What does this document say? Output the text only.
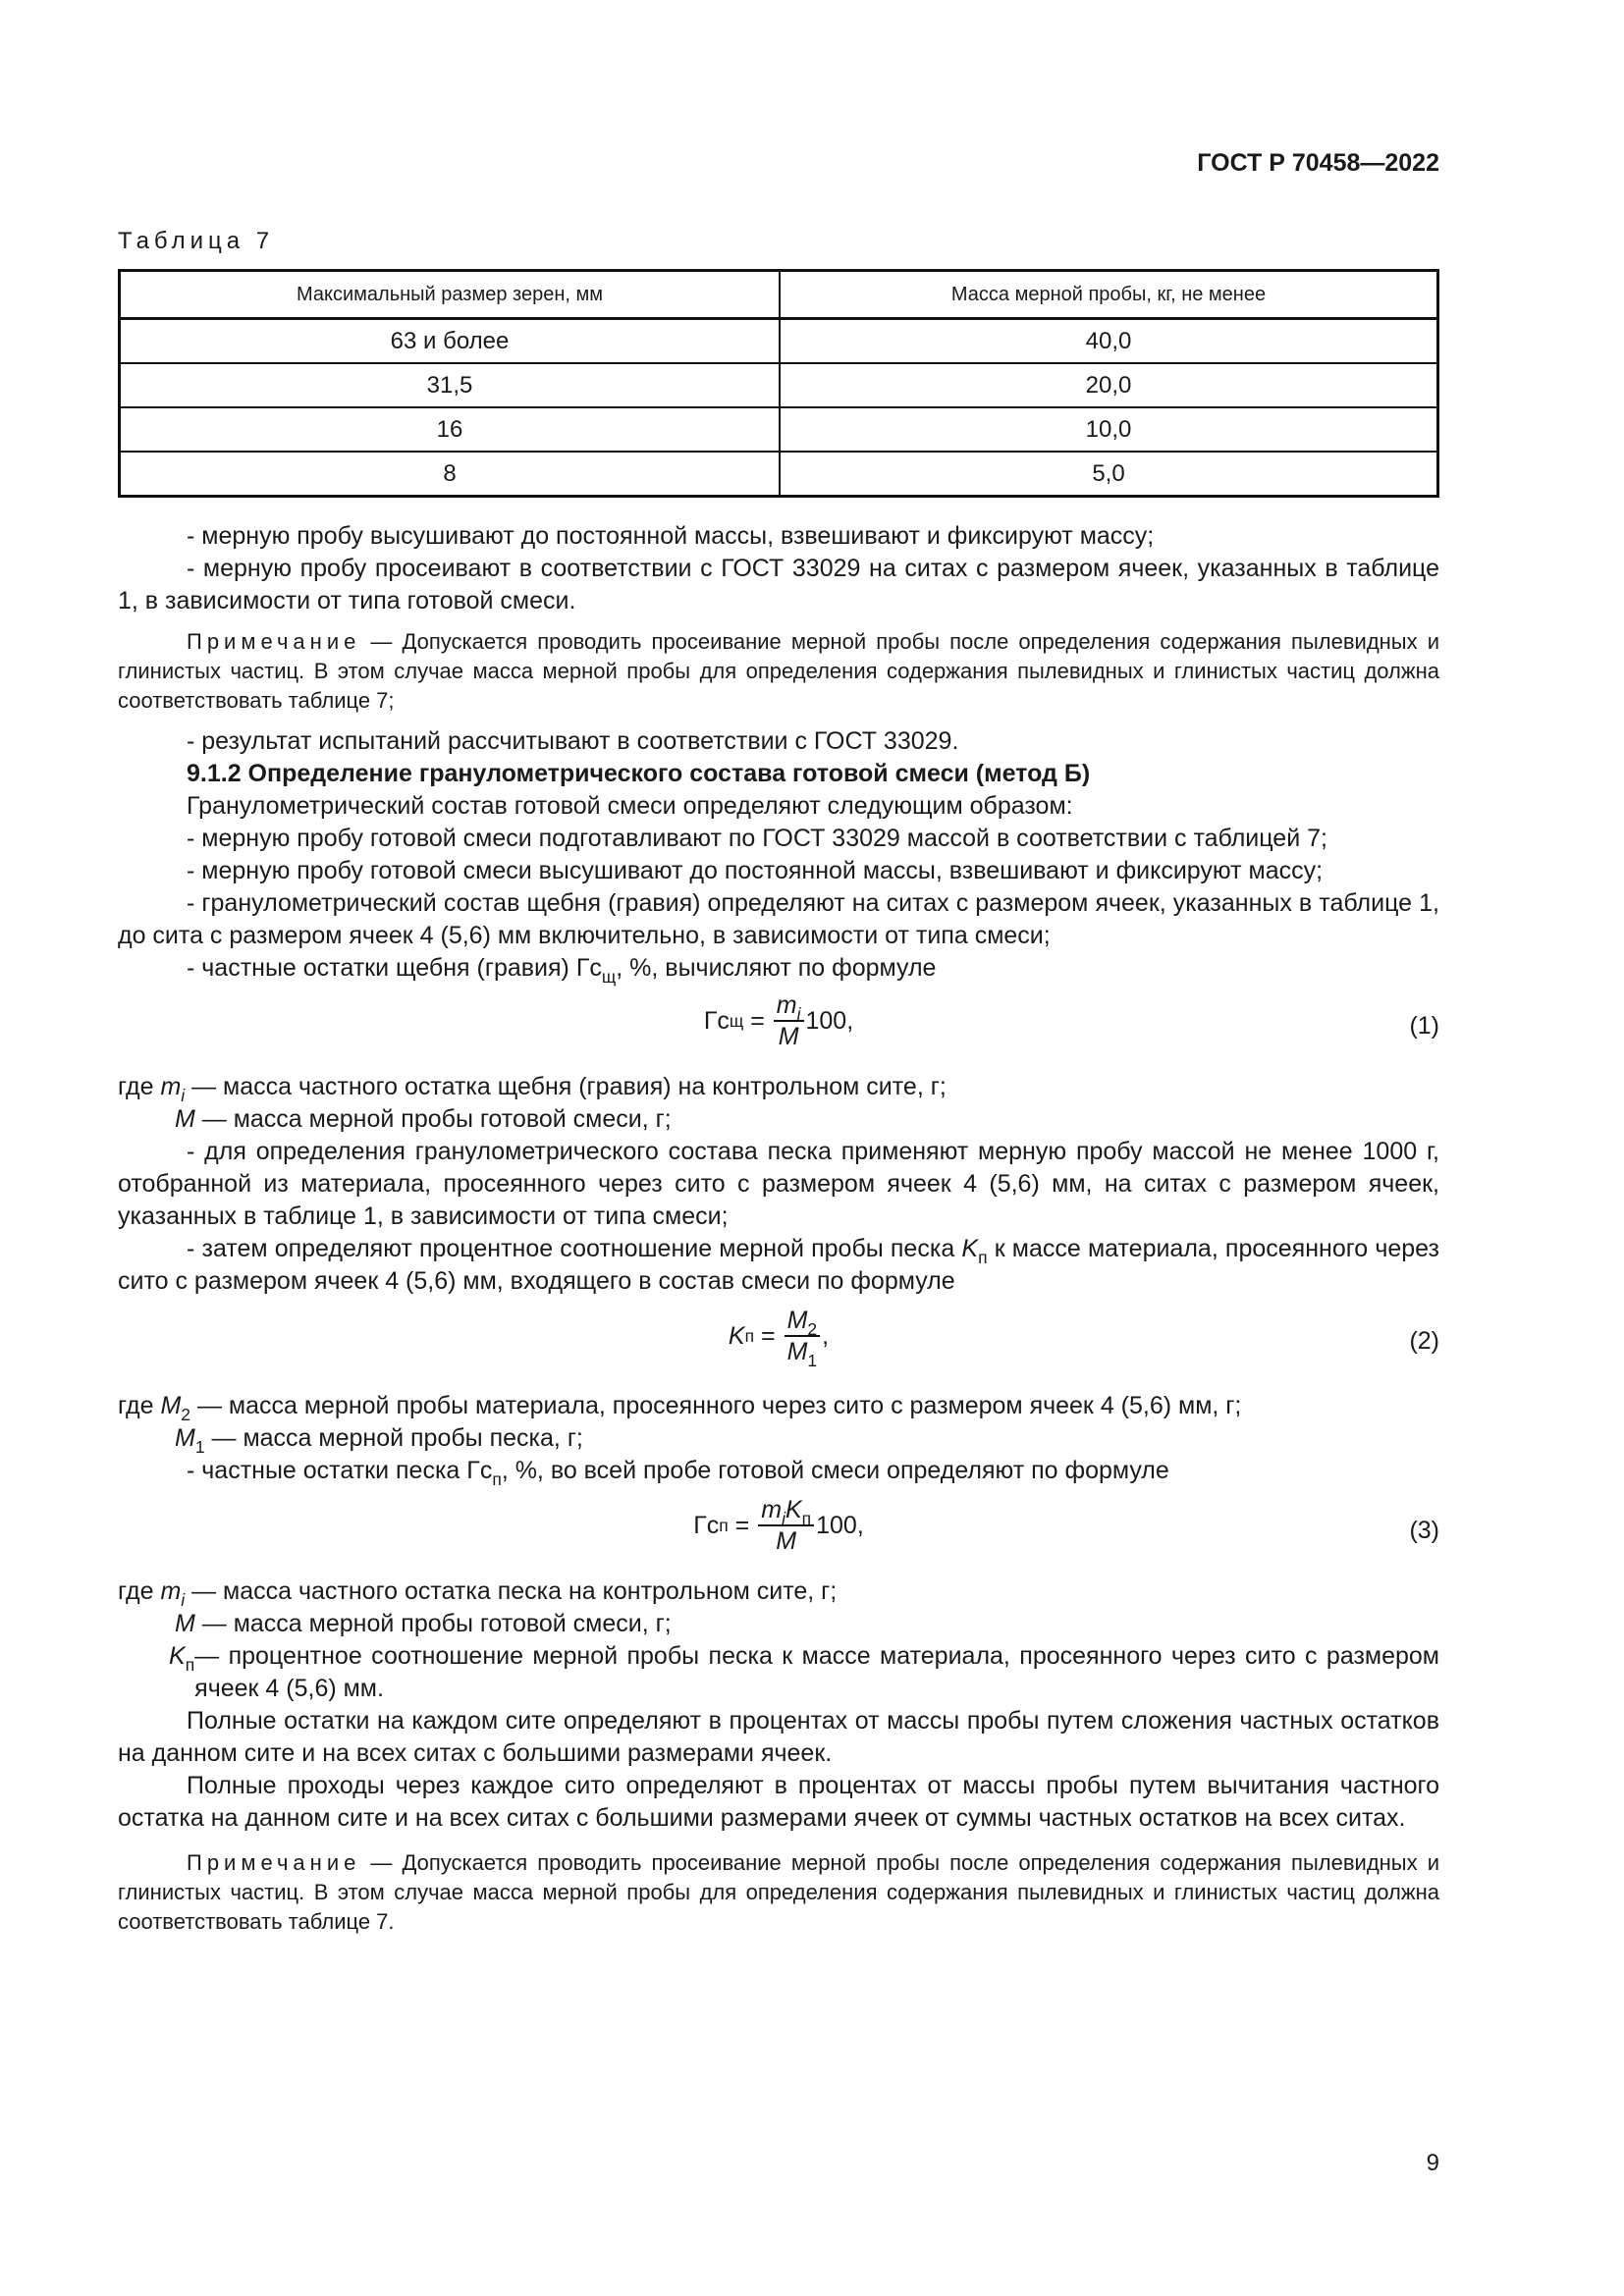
ГОСТ Р 70458—2022
Таблица 7
Максимальный размер зерен, мм	Масса мерной пробы, кг, не менее
63 и более	40,0
31,5	20,0
16	10,0
8	5,0

- мерную пробу высушивают до постоянной массы, взвешивают и фиксируют массу;

- мерную пробу просеивают в соответствии с ГОСТ 33029 на ситах с размером ячеек, указанных в таблице 1, в зависимости от типа готовой смеси.

Примечание — Допускается проводить просеивание мерной пробы после определения содержания пылевидных и глинистых частиц. В этом случае масса мерной пробы для определения содержания пылевидных и глинистых частиц должна соответствовать таблице 7;

- результат испытаний рассчитывают в соответствии с ГОСТ 33029.

9.1.2 Определение гранулометрического состава готовой смеси (метод Б)

Гранулометрический состав готовой смеси определяют следующим образом:

- мерную пробу готовой смеси подготавливают по ГОСТ 33029 массой в соответствии с таблицей 7;

- мерную пробу готовой смеси высушивают до постоянной массы, взвешивают и фиксируют массу;

- гранулометрический состав щебня (гравия) определяют на ситах с размером ячеек, указанных в таблице 1, до сита с размером ячеек 4 (5,6) мм включительно, в зависимости от типа смеси;

- частные остатки щебня (гравия) $Гс_щ$, %, вычисляют по формуле

Гс $щ = \frac{m_i}{M} 100$,	(1)

где $m_i$ — масса частного остатка щебня (гравия) на контрольном сите, г;

M — масса мерной пробы готовой смеси, г;

- для определения гранулометрического состава песка применяют мерную пробу массой не менее 1000 г, отобранной из материала, просеянного через сито с размером ячеек 4 (5,6) мм, на ситах с размером ячеек, указанных в таблице 1, в зависимости от типа смеси;

- затем определяют процентное соотношение мерной пробы песка $K_п$ к массе материала, просеянного через сито с размером ячеек 4 (5,6) мм, входящего в состав смеси по формуле

K $п = \frac{M_2}{M_1}$ ,	(2)

где $M_2$ — масса мерной пробы материала, просеянного через сито с размером ячеек 4 (5,6) мм, г;

$M_1$ — масса мерной пробы песка, г;

- частные остатки песка $Гс_п$, %, во всей пробе готовой смеси определяют по формуле

Гс $п = \frac{m_iK_п}{M} 100$,	(3)

где $m_i$ — масса частного остатка песка на контрольном сите, г;

M — масса мерной пробы готовой смеси, г;

$K_п$ — процентное соотношение мерной пробы песка к массе материала, просеянного через сито с размером ячеек 4 (5,6) мм.

Полные остатки на каждом сите определяют в процентах от массы пробы путем сложения частных остатков на данном сите и на всех ситах с большими размерами ячеек.

Полные проходы через каждое сито определяют в процентах от массы пробы путем вычитания частного остатка на данном сите и на всех ситах с большими размерами ячеек от суммы частных остатков на всех ситах.

Примечание — Допускается проводить просеивание мерной пробы после определения содержания пылевидных и глинистых частиц. В этом случае масса мерной пробы для определения содержания пылевидных и глинистых частиц должна соответствовать таблице 7.
9
